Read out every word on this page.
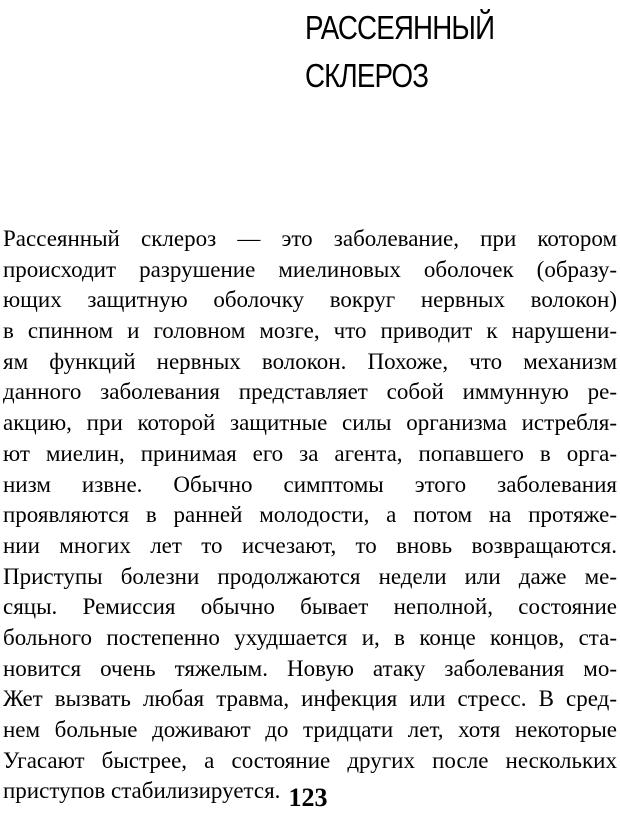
РАССЕЯННЫЙ
СКЛЕРОЗ
Рассеянный склероз — это заболевание, при котором
происходит разрушение миелиновых оболочек (образу-
ющих защитную оболочку вокруг нервных волокон)
в спинном и головном мозге, что приводит к нарушени-
ям функций нервных волокон. Похоже, что механизм
данного заболевания представляет собой иммунную ре-
акцию, при которой защитные силы организма истребля-
ют миелин, принимая его за агента, попавшего в орга-
низм извне. Обычно симптомы этого заболевания
проявляются в ранней молодости, а потом на протяже-
нии многих лет то исчезают, то вновь возвращаются.
Приступы болезни продолжаются недели или даже ме-
сяцы. Ремиссия обычно бывает неполной, состояние
больного постепенно ухудшается и, в конце концов, ста-
новится очень тяжелым. Новую атаку заболевания мо-
Жет вызвать любая травма, инфекция или стресс. В сред-
нем больные доживают до тридцати лет, хотя некоторые
Угасают быстрее, а состояние других после нескольких
приступов стабилизируется. 123
